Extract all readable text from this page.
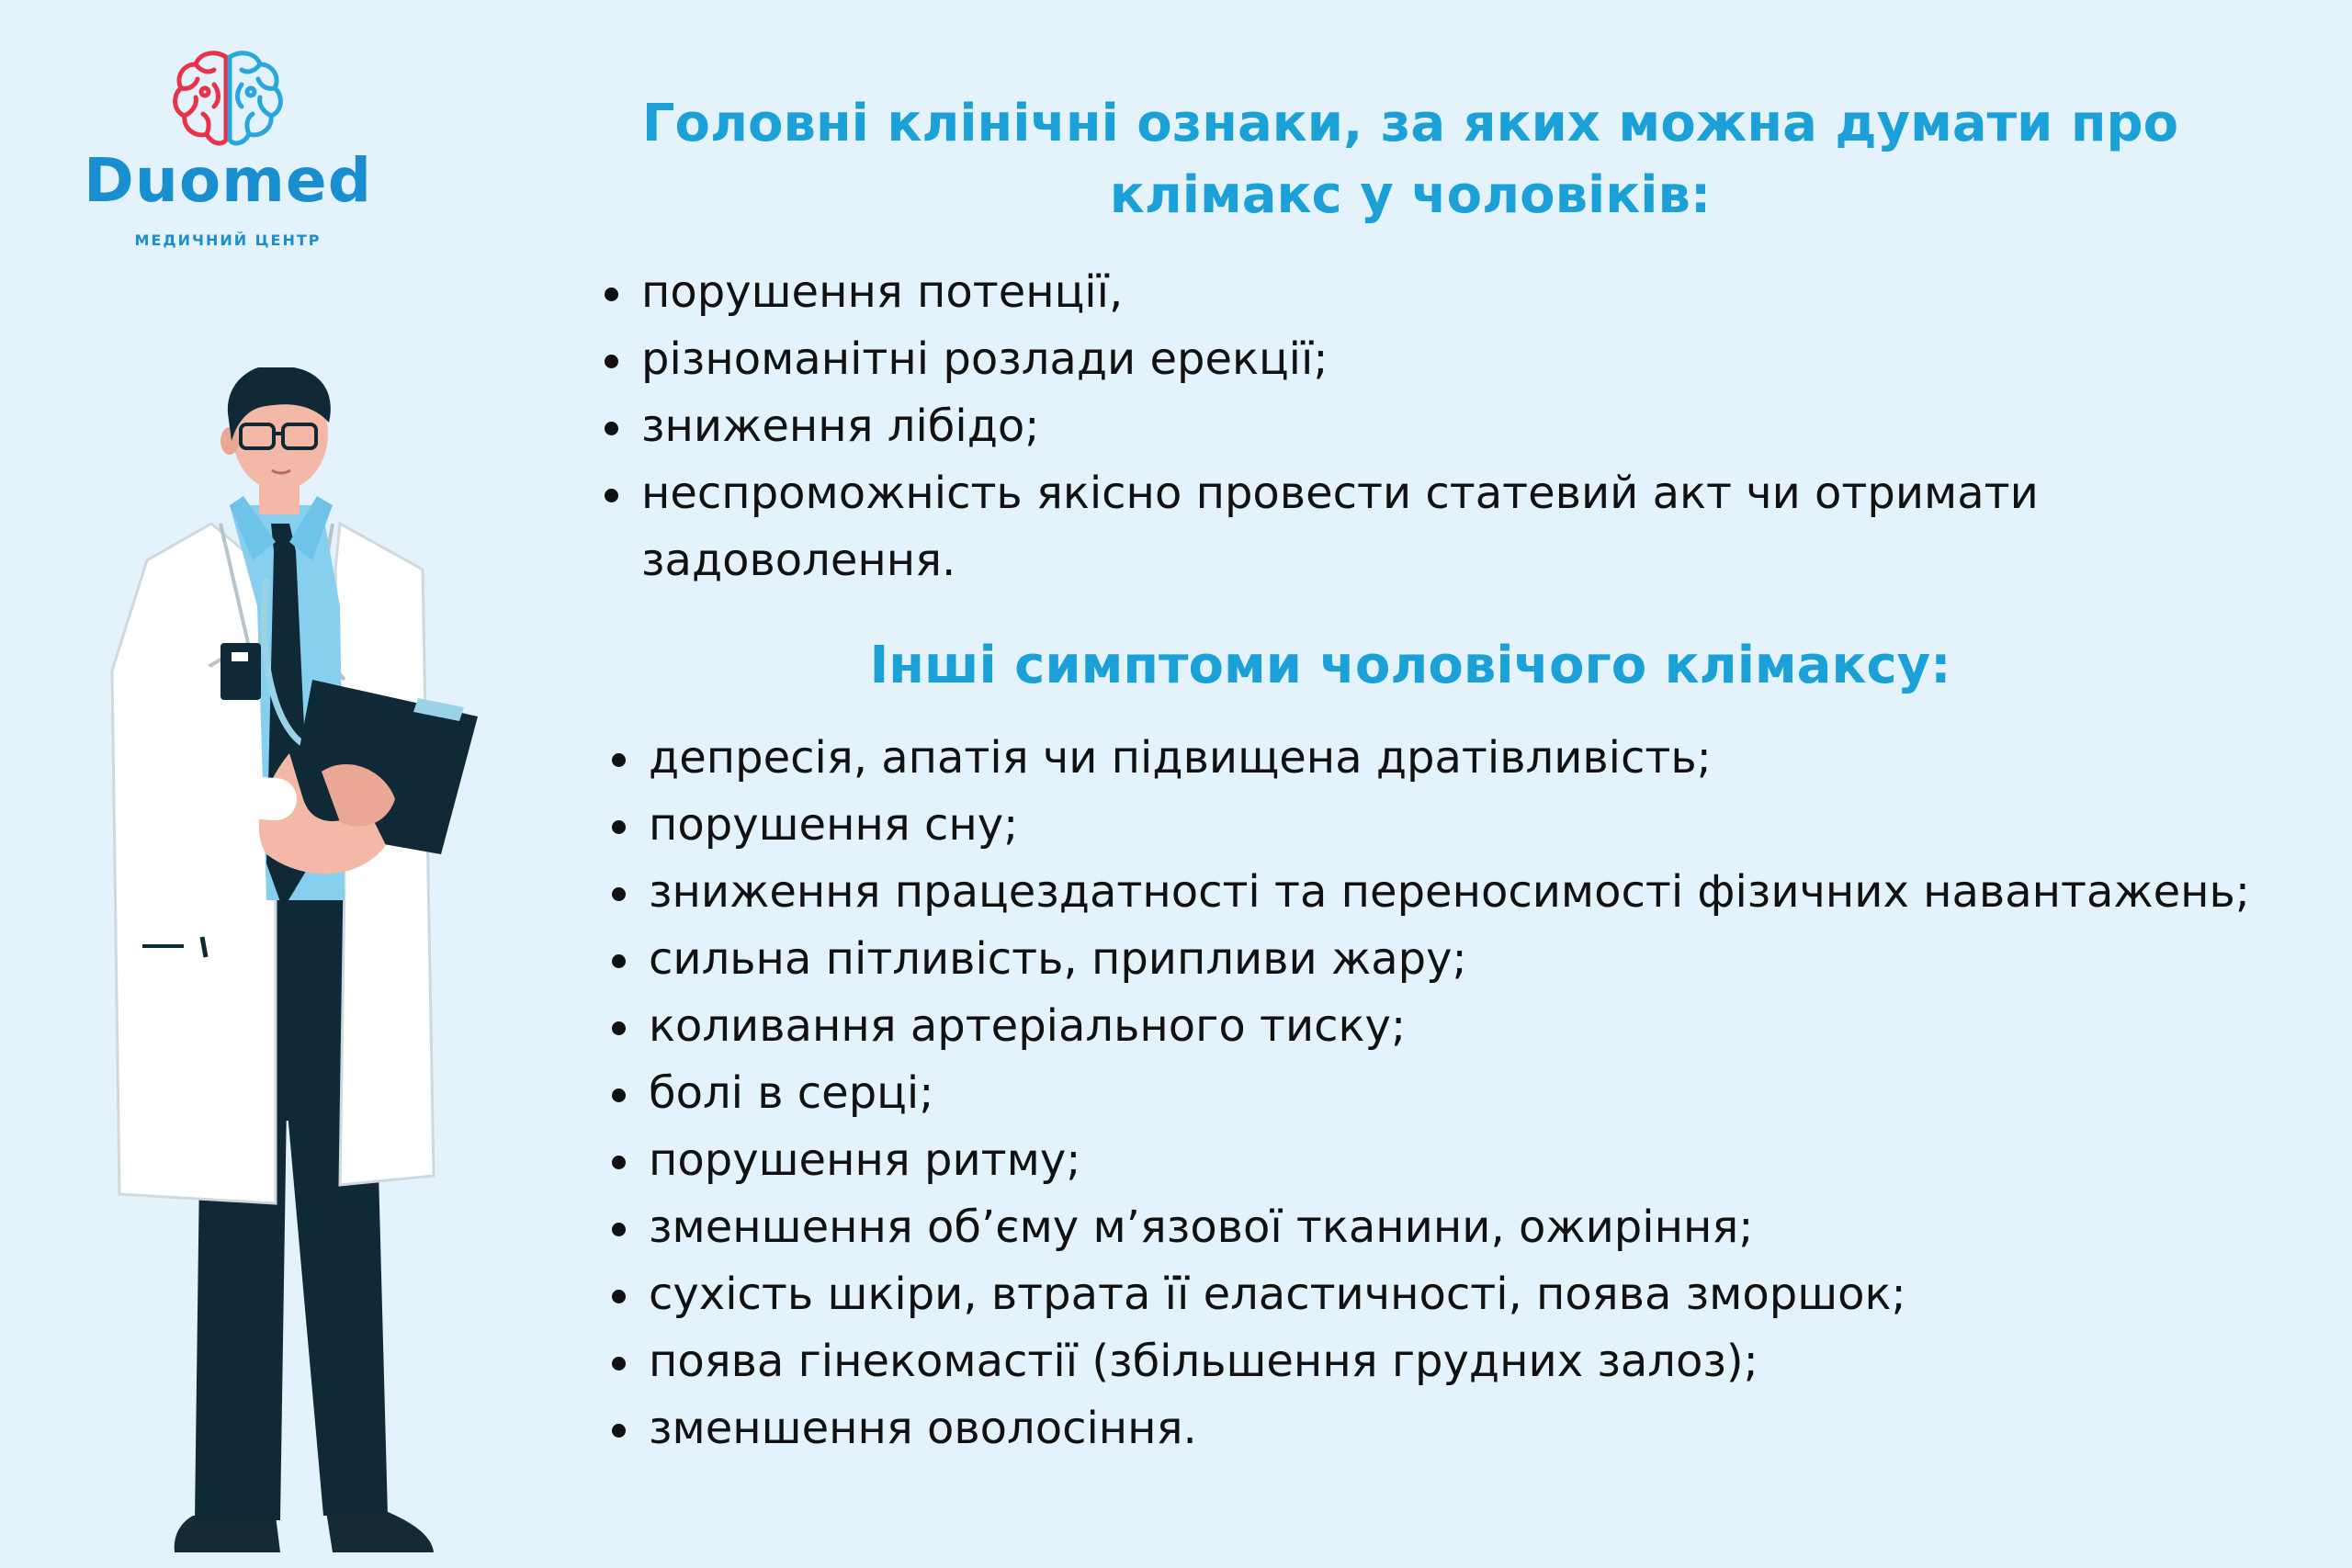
Duomed
МЕДИЧНИЙ ЦЕНТР
Головні клінічні ознаки, за яких можна думати про клімакс у чоловіків:
порушення потенції,
різноманітні розлади ерекції;
зниження лібідо;
неспроможність якісно провести статевий акт чи отримати задоволення.
Інші симптоми чоловічого клімаксу:
депресія, апатія чи підвищена дратівливість;
порушення сну;
зниження працездатності та переносимості фізичних навантажень;
сильна пітливість, припливи жару;
коливання артеріального тиску;
болі в серці;
порушення ритму;
зменшення об’єму м’язової тканини, ожиріння;
сухість шкіри, втрата її еластичності, поява зморшок;
поява гінекомастії (збільшення грудних залоз);
зменшення оволосіння.
